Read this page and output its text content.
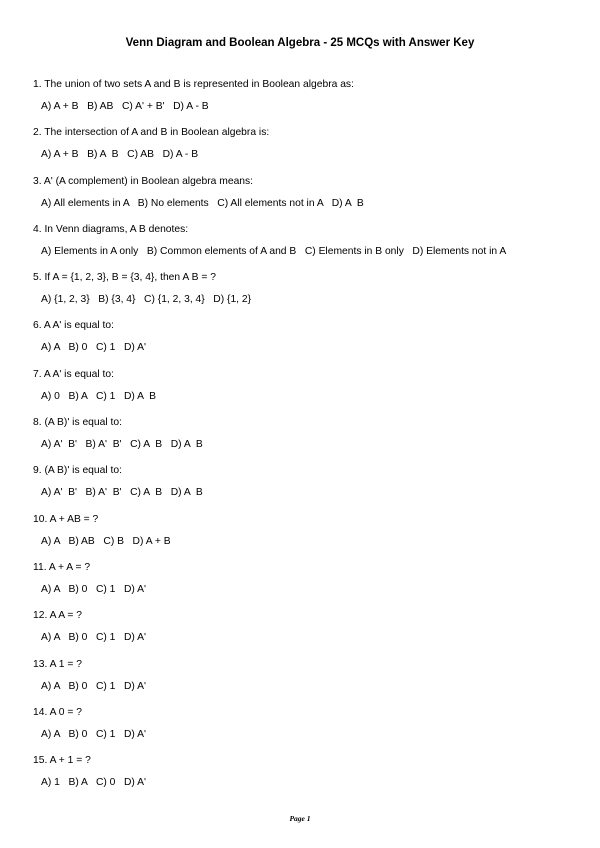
Venn Diagram and Boolean Algebra - 25 MCQs with Answer Key
1. The union of two sets A and B is represented in Boolean algebra as:
A) A + B   B) AB   C) A' + B'   D) A - B
2. The intersection of A and B in Boolean algebra is:
A) A + B   B) A  B   C) AB   D) A - B
3. A' (A complement) in Boolean algebra means:
A) All elements in A   B) No elements   C) All elements not in A   D) A  B
4. In Venn diagrams, A B denotes:
A) Elements in A only   B) Common elements of A and B   C) Elements in B only   D) Elements not in A
5. If A = {1, 2, 3}, B = {3, 4}, then A B = ?
A) {1, 2, 3}   B) {3, 4}   C) {1, 2, 3, 4}   D) {1, 2}
6. A A' is equal to:
A) A   B) 0   C) 1   D) A'
7. A A' is equal to:
A) 0   B) A   C) 1   D) A  B
8. (A B)' is equal to:
A) A'  B'   B) A'  B'   C) A  B   D) A  B
9. (A B)' is equal to:
A) A'  B'   B) A'  B'   C) A  B   D) A  B
10. A + AB = ?
A) A   B) AB   C) B   D) A + B
11. A + A = ?
A) A   B) 0   C) 1   D) A'
12. A A = ?
A) A   B) 0   C) 1   D) A'
13. A 1 = ?
A) A   B) 0   C) 1   D) A'
14. A 0 = ?
A) A   B) 0   C) 1   D) A'
15. A + 1 = ?
A) 1   B) A   C) 0   D) A'
Page 1
